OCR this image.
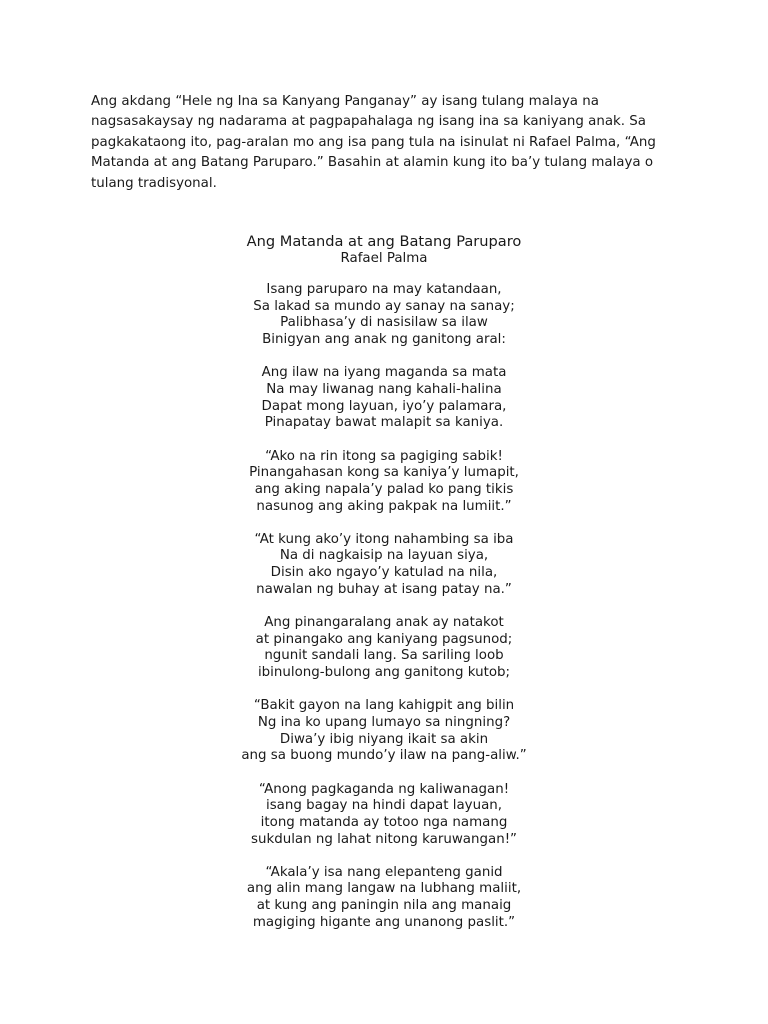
Ang akdang “Hele ng Ina sa Kanyang Panganay” ay isang tulang malaya na
nagsasakaysay ng nadarama at pagpapahalaga ng isang ina sa kaniyang anak. Sa
pagkakataong ito, pag-aralan mo ang isa pang tula na isinulat ni Rafael Palma, “Ang
Matanda at ang Batang Paruparo.” Basahin at alamin kung ito ba’y tulang malaya o
tulang tradisyonal.

Ang Matanda at ang Batang Paruparo
Rafael Palma
Isang paruparo na may katandaan,
Sa lakad sa mundo ay sanay na sanay;
Palibhasa’y di nasisilaw sa ilaw
Binigyan ang anak ng ganitong aral:
Ang ilaw na iyang maganda sa mata
Na may liwanag nang kahali-halina
Dapat mong layuan, iyo’y palamara,
Pinapatay bawat malapit sa kaniya.
“Ako na rin itong sa pagiging sabik!
Pinangahasan kong sa kaniya’y lumapit,
ang aking napala’y palad ko pang tikis
nasunog ang aking pakpak na lumiit.”
“At kung ako’y itong nahambing sa iba
Na di nagkaisip na layuan siya,
Disin ako ngayo’y katulad na nila,
nawalan ng buhay at isang patay na.”
Ang pinangaralang anak ay natakot
at pinangako ang kaniyang pagsunod;
ngunit sandali lang. Sa sariling loob
ibinulong-bulong ang ganitong kutob;
“Bakit gayon na lang kahigpit ang bilin
Ng ina ko upang lumayo sa ningning?
Diwa’y ibig niyang ikait sa akin
ang sa buong mundo’y ilaw na pang-aliw.”
“Anong pagkaganda ng kaliwanagan!
isang bagay na hindi dapat layuan,
itong matanda ay totoo nga namang
sukdulan ng lahat nitong karuwangan!”
“Akala’y isa nang elepanteng ganid
ang alin mang langaw na lubhang maliit,
at kung ang paningin nila ang manaig
magiging higante ang unanong paslit.”
